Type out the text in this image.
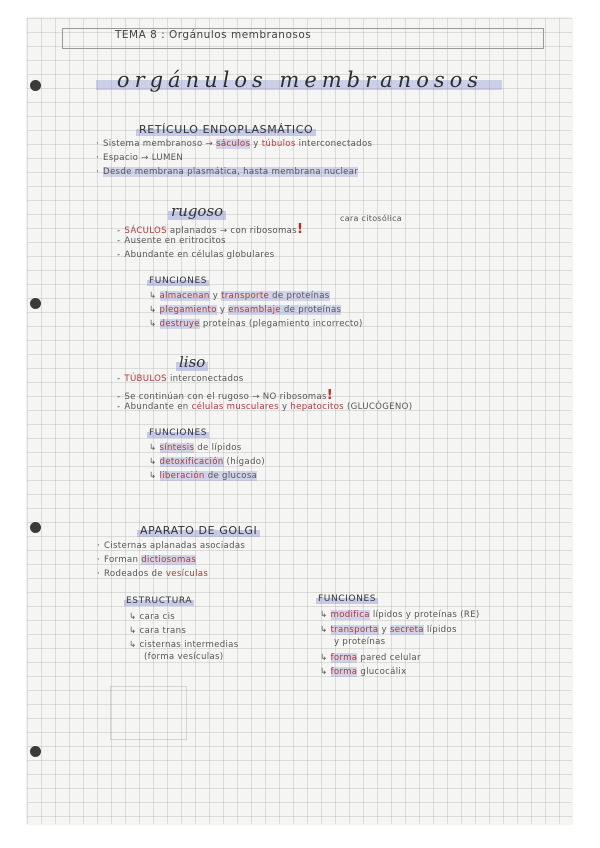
TEMA 8 : Orgánulos membranosos
orgánulos membranosos
RETÍCULO ENDOPLASMÁTICO
· Sistema membranoso → sáculos y túbulos interconectados
· Espacio → LUMEN
· Desde membrana plasmática, hasta membrana nuclear
rugoso
- SÁCULOS aplanados → con ribosomas!
cara citosólica
- Ausente en eritrocitos
- Abundante en células globulares
FUNCIONES
↳ almacenan y transporte de proteínas
↳ plegamiento y ensamblaje de proteínas
↳ destruye proteínas (plegamiento incorrecto)
liso
- TÚBULOS interconectados
- Se continúan con el rugoso → NO ribosomas!
- Abundante en células musculares y hepatocitos (GLUCÓGENO)
FUNCIONES
↳ síntesis de lípidos
↳ detoxificación (hígado)
↳ liberación de glucosa
APARATO DE GOLGI
· Cisternas aplanadas asociadas
· Forman dictiosomas
· Rodeados de vesículas
ESTRUCTURA
↳ cara cis
↳ cara trans
↳ cisternas intermedias
(forma vesículas)
FUNCIONES
↳ modifica lípidos y proteínas (RE)
↳ transporta y secreta lípidos
y proteínas
↳ forma pared celular
↳ forma glucocálix
